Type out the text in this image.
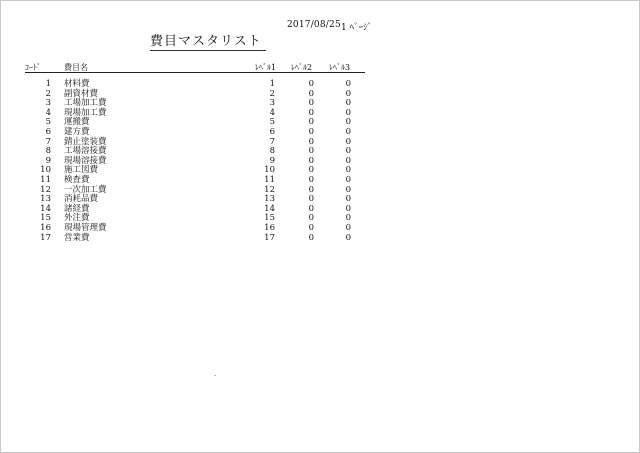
2017/08/25 1 ﾍﾟｰｼﾞ
費目マスタリスト
ｺｰﾄﾞ	費目名	ﾚﾍﾞﾙ1 ﾚﾍﾞﾙ2 ﾚﾍﾞﾙ3
1 材料費	1	0	0
2 副資材費	2	0	0
3 工場加工費	3	0	0
4 現場加工費	4	0	0
5 運搬費	5	0	0
6 建方費	6	0	0
7 錆止塗装費	7	0	0
8 工場溶接費	8	0	0
9 現場溶接費	9	0	0
10 施工図費	10	0	0
11 検査費	11	0	0
12 一次加工費	12	0	0
13 消耗品費	13	0	0
14 諸経費	14	0	0
15 外注費	15	0	0
16 現場管理費	16	0	0
17 営業費	17	0	0
